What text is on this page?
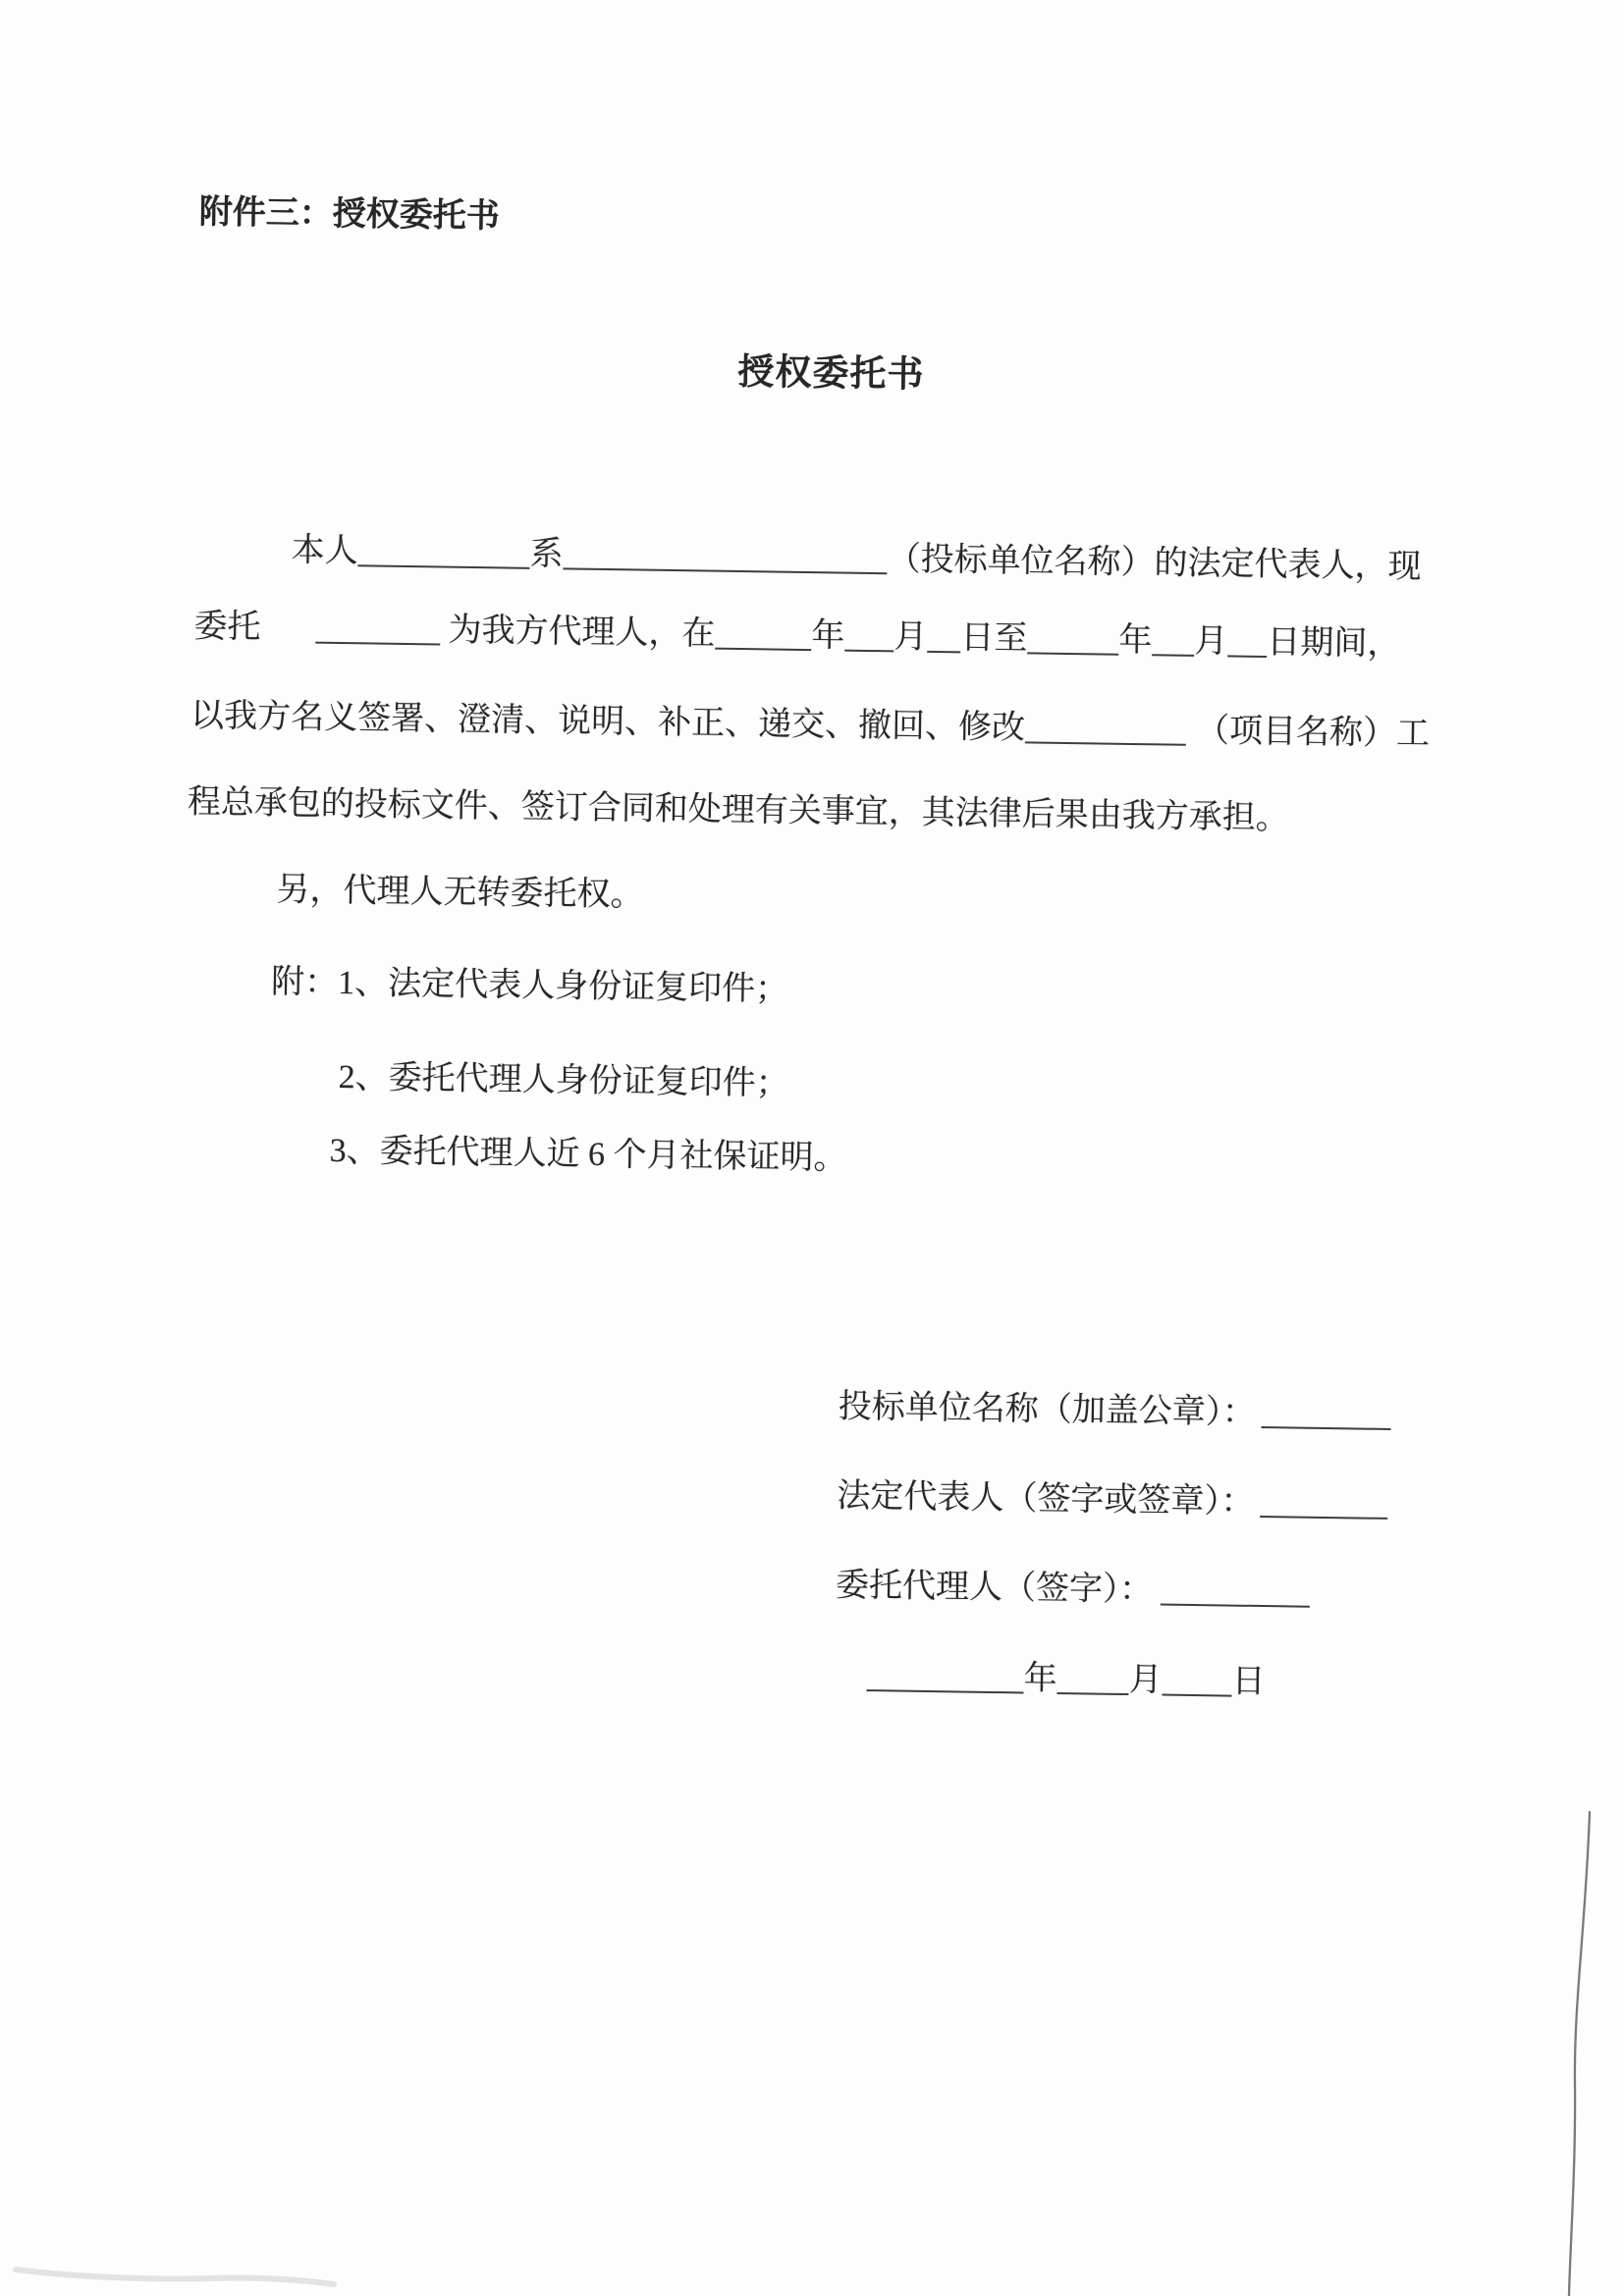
附件三：授权委托书
授权委托书
本人	系	（投标单位名称）的法定代表人，现
委托	为我方代理人，在	年 月 日至	年 月 日期间，
以我方名义签署、澄清、说明、补正、递交、撤回、修改	（项目名称）工
程总承包的投标文件、签订合同和处理有关事宜，其法律后果由我方承担。
另，代理人无转委托权。
附：1、法定代表人身份证复印件；
2、委托代理人身份证复印件；
3、委托代理人近 6 个月社保证明。
投标单位名称（加盖公章）：
法定代表人（签字或签章）：
委托代理人（签字）：
年 月 日
